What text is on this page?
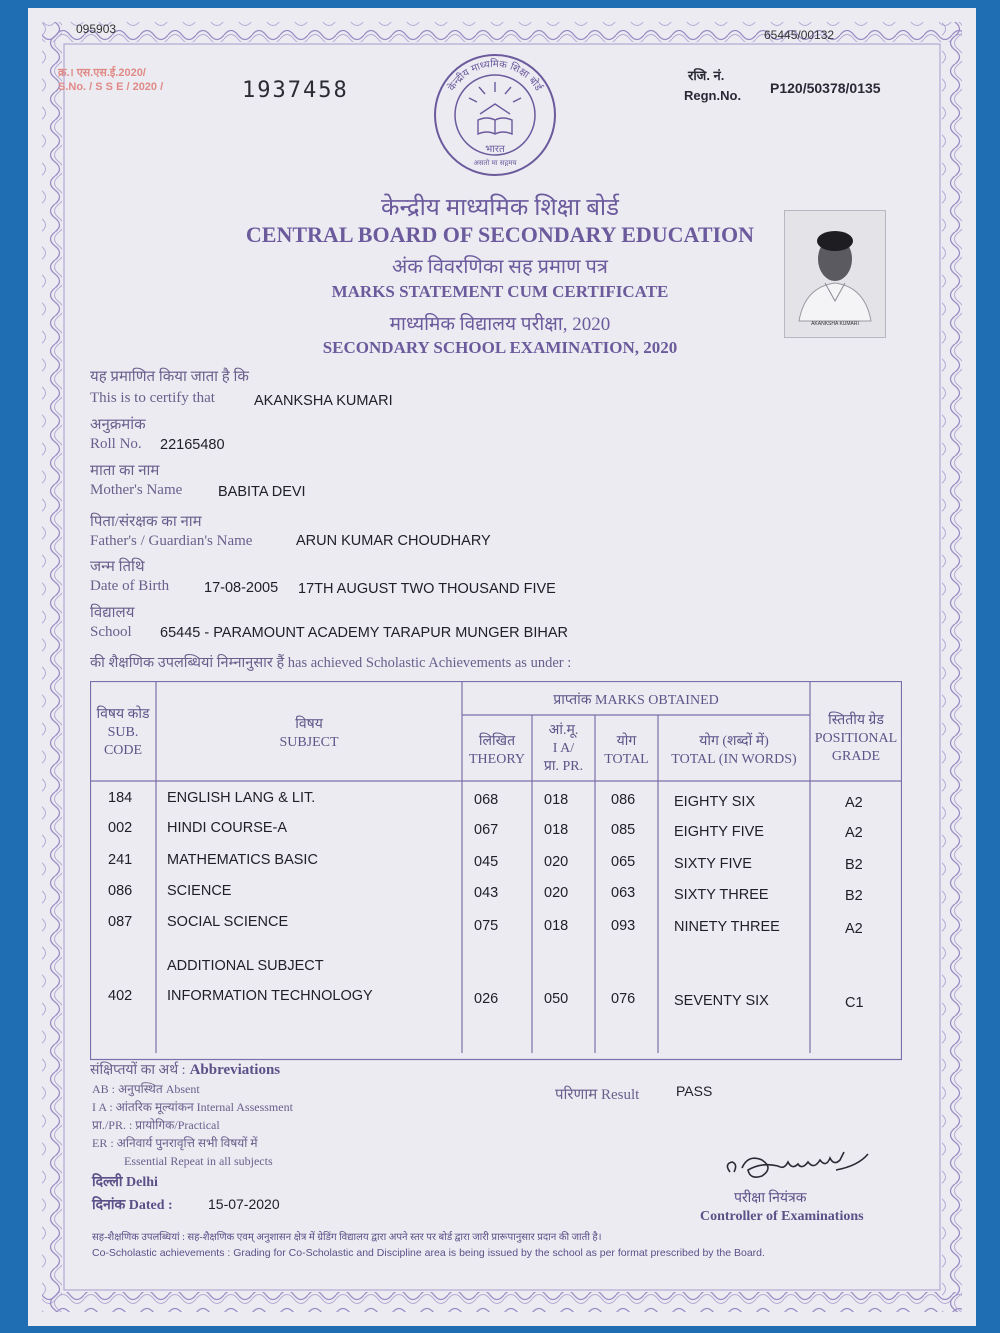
095903	65445/00132
क्र.। एस.एस.ई.2020/
S.No. / S S E / 2020 /	1937458
रजि. नं.
Regn.No. P120/50378/0135
केन्द्रीय माध्यमिक शिक्षा बोर्ड
भारत
असतो मा सद्गमय
केन्द्रीय माध्यमिक शिक्षा बोर्ड
CENTRAL BOARD OF SECONDARY EDUCATION
अंक विवरणिका सह प्रमाण पत्र
MARKS STATEMENT CUM CERTIFICATE
माध्यमिक विद्यालय परीक्षा, 2020
SECONDARY SCHOOL EXAMINATION, 2020
AKANKSHA KUMARI
यह प्रमाणित किया जाता है कि
This is to certify that	AKANKSHA KUMARI
अनुक्रमांक
Roll No. 22165480
माता का नाम
Mother's Name BABITA DEVI
पिता/संरक्षक का नाम
Father's / Guardian's Name	ARUN KUMAR CHOUDHARY
जन्म तिथि
Date of Birth 17-08-2005 17TH AUGUST TWO THOUSAND FIVE
विद्यालय
School 65445 - PARAMOUNT ACADEMY TARAPUR MUNGER BIHAR
की शैक्षणिक उपलब्धियां निम्नानुसार हैं has achieved Scholastic Achievements as under :
विषय कोड
SUB.
CODE
विषय
SUBJECT
प्राप्तांक MARKS OBTAINED
लिखित
THEORY
आं.मू.
I A/
प्रा. PR.
योग
TOTAL
योग (शब्दों में)
TOTAL (IN WORDS)
स्तितीय ग्रेड
POSITIONAL
GRADE
184 ENGLISH LANG & LIT.	068	018	086	EIGHTY SIX	A2
002 HINDI COURSE-A	067	018	085	EIGHTY FIVE	A2
241 MATHEMATICS BASIC	045	020	065	SIXTY FIVE	B2
086 SCIENCE	043	020	063	SIXTY THREE	B2
087 SOCIAL SCIENCE	075	018	093	NINETY THREE	A2
ADDITIONAL SUBJECT
402 INFORMATION TECHNOLOGY	026	050	076	SEVENTY SIX	C1
संक्षिप्तयों का अर्थ : Abbreviations
AB : अनुपस्थित Absent
I A : आंतरिक मूल्यांकन Internal Assessment
प्रा./PR. : प्रायोगिक/Practical
ER : अनिवार्य पुनरावृत्ति सभी विषयों में
Essential Repeat in all subjects
परिणाम Result	PASS
दिल्ली Delhi
दिनांक Dated :	15-07-2020	परीक्षा नियंत्रक
Controller of Examinations
सह-शैक्षणिक उपलब्धियां : सह-शैक्षणिक एवम् अनुशासन क्षेत्र में ग्रेडिंग विद्यालय द्वारा अपने स्तर पर बोर्ड द्वारा जारी प्रारूपानुसार प्रदान की जाती है।
Co-Scholastic achievements : Grading for Co-Scholastic and Discipline area is being issued by the school as per format prescribed by the Board.
